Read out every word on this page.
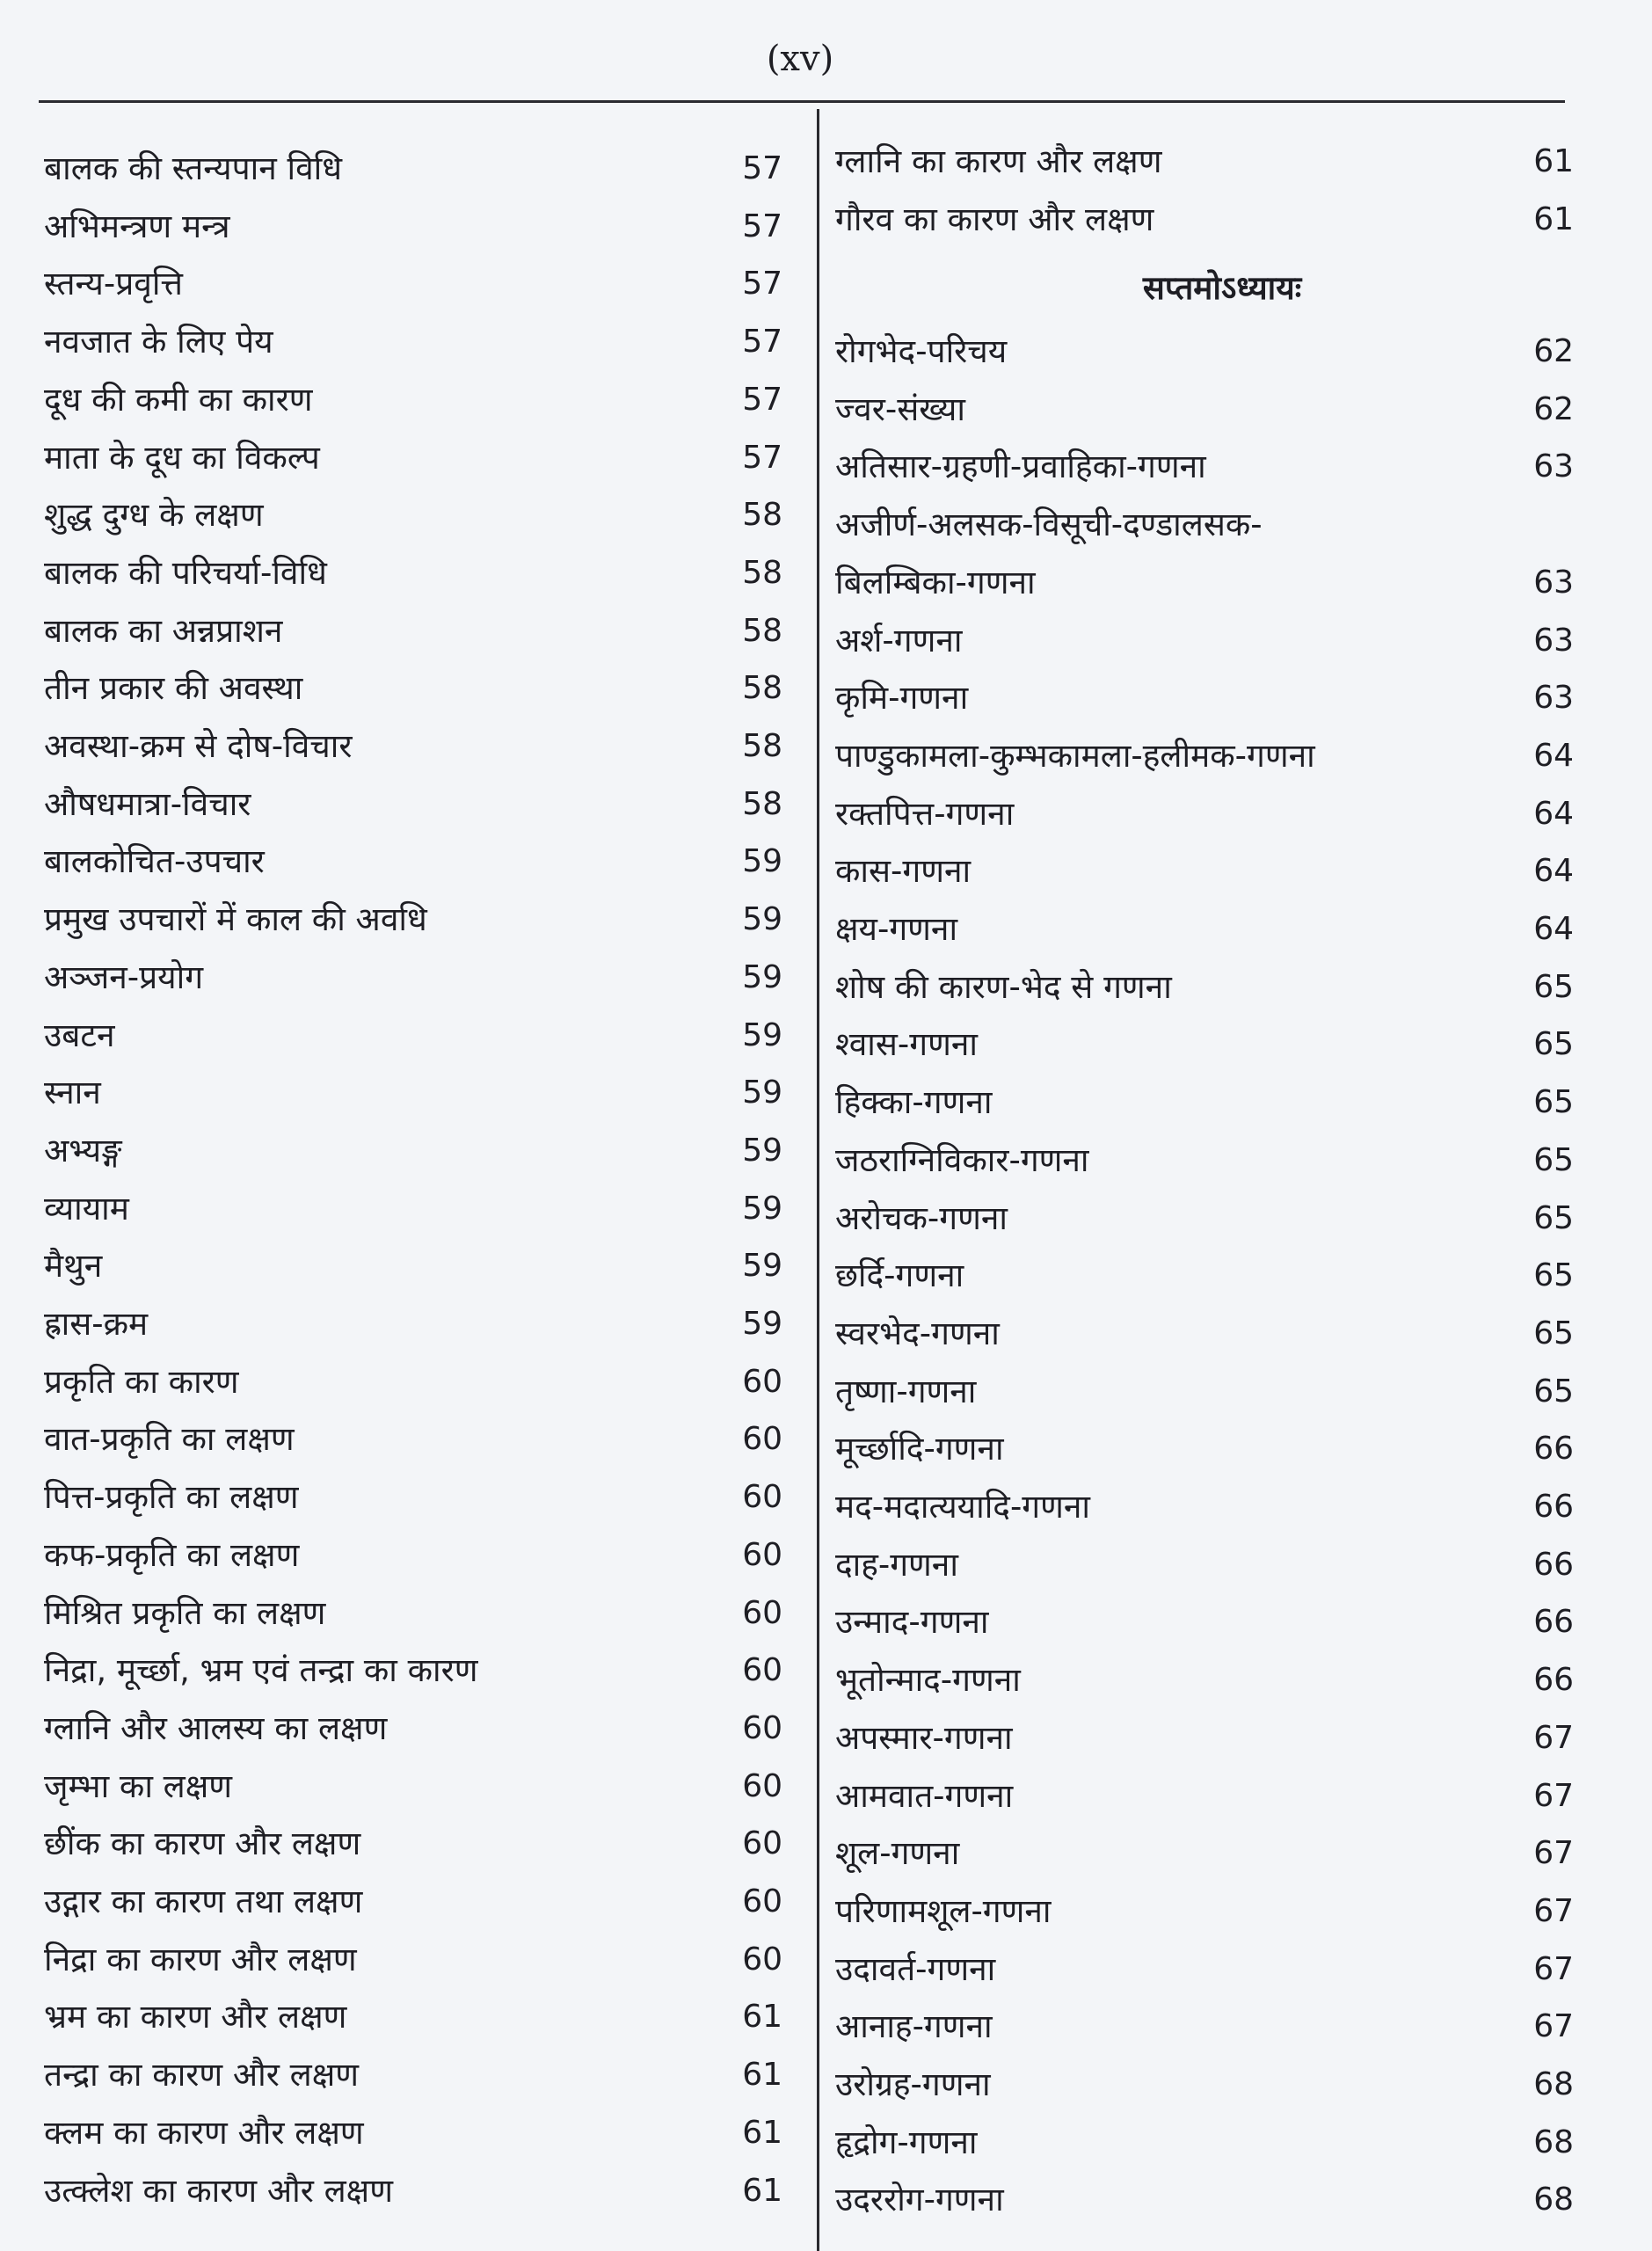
(xv)
बालक की स्तन्यपान विधि	57
अभिमन्त्रण मन्त्र	57
स्तन्य-प्रवृत्ति	57
नवजात के लिए पेय	57
दूध की कमी का कारण	57
माता के दूध का विकल्प	57
शुद्ध दुग्ध के लक्षण	58
बालक की परिचर्या-विधि	58
बालक का अन्नप्राशन	58
तीन प्रकार की अवस्था	58
अवस्था-क्रम से दोष-विचार	58
औषधमात्रा-विचार	58
बालकोचित-उपचार	59
प्रमुख उपचारों में काल की अवधि	59
अञ्जन-प्रयोग	59
उबटन	59
स्नान	59
अभ्यङ्ग	59
व्यायाम	59
मैथुन	59
ह्रास-क्रम	59
प्रकृति का कारण	60
वात-प्रकृति का लक्षण	60
पित्त-प्रकृति का लक्षण	60
कफ-प्रकृति का लक्षण	60
मिश्रित प्रकृति का लक्षण	60
निद्रा, मूर्च्छा, भ्रम एवं तन्द्रा का कारण	60
ग्लानि और आलस्य का लक्षण	60
जृम्भा का लक्षण	60
छींक का कारण और लक्षण	60
उद्गार का कारण तथा लक्षण	60
निद्रा का कारण और लक्षण	60
भ्रम का कारण और लक्षण	61
तन्द्रा का कारण और लक्षण	61
क्लम का कारण और लक्षण	61
उत्क्लेश का कारण और लक्षण	61
ग्लानि का कारण और लक्षण	61
गौरव का कारण और लक्षण	61
सप्तमोऽध्यायः
रोगभेद-परिचय	62
ज्वर-संख्या	62
अतिसार-ग्रहणी-प्रवाहिका-गणना	63
अजीर्ण-अलसक-विसूची-दण्डालसक-
बिलम्बिका-गणना	63
अर्श-गणना	63
कृमि-गणना	63
पाण्डुकामला-कुम्भकामला-हलीमक-गणना	64
रक्तपित्त-गणना	64
कास-गणना	64
क्षय-गणना	64
शोष की कारण-भेद से गणना	65
श्वास-गणना	65
हिक्का-गणना	65
जठराग्निविकार-गणना	65
अरोचक-गणना	65
छर्दि-गणना	65
स्वरभेद-गणना	65
तृष्णा-गणना	65
मूर्च्छादि-गणना	66
मद-मदात्ययादि-गणना	66
दाह-गणना	66
उन्माद-गणना	66
भूतोन्माद-गणना	66
अपस्मार-गणना	67
आमवात-गणना	67
शूल-गणना	67
परिणामशूल-गणना	67
उदावर्त-गणना	67
आनाह-गणना	67
उरोग्रह-गणना	68
हृद्रोग-गणना	68
उदररोग-गणना	68
